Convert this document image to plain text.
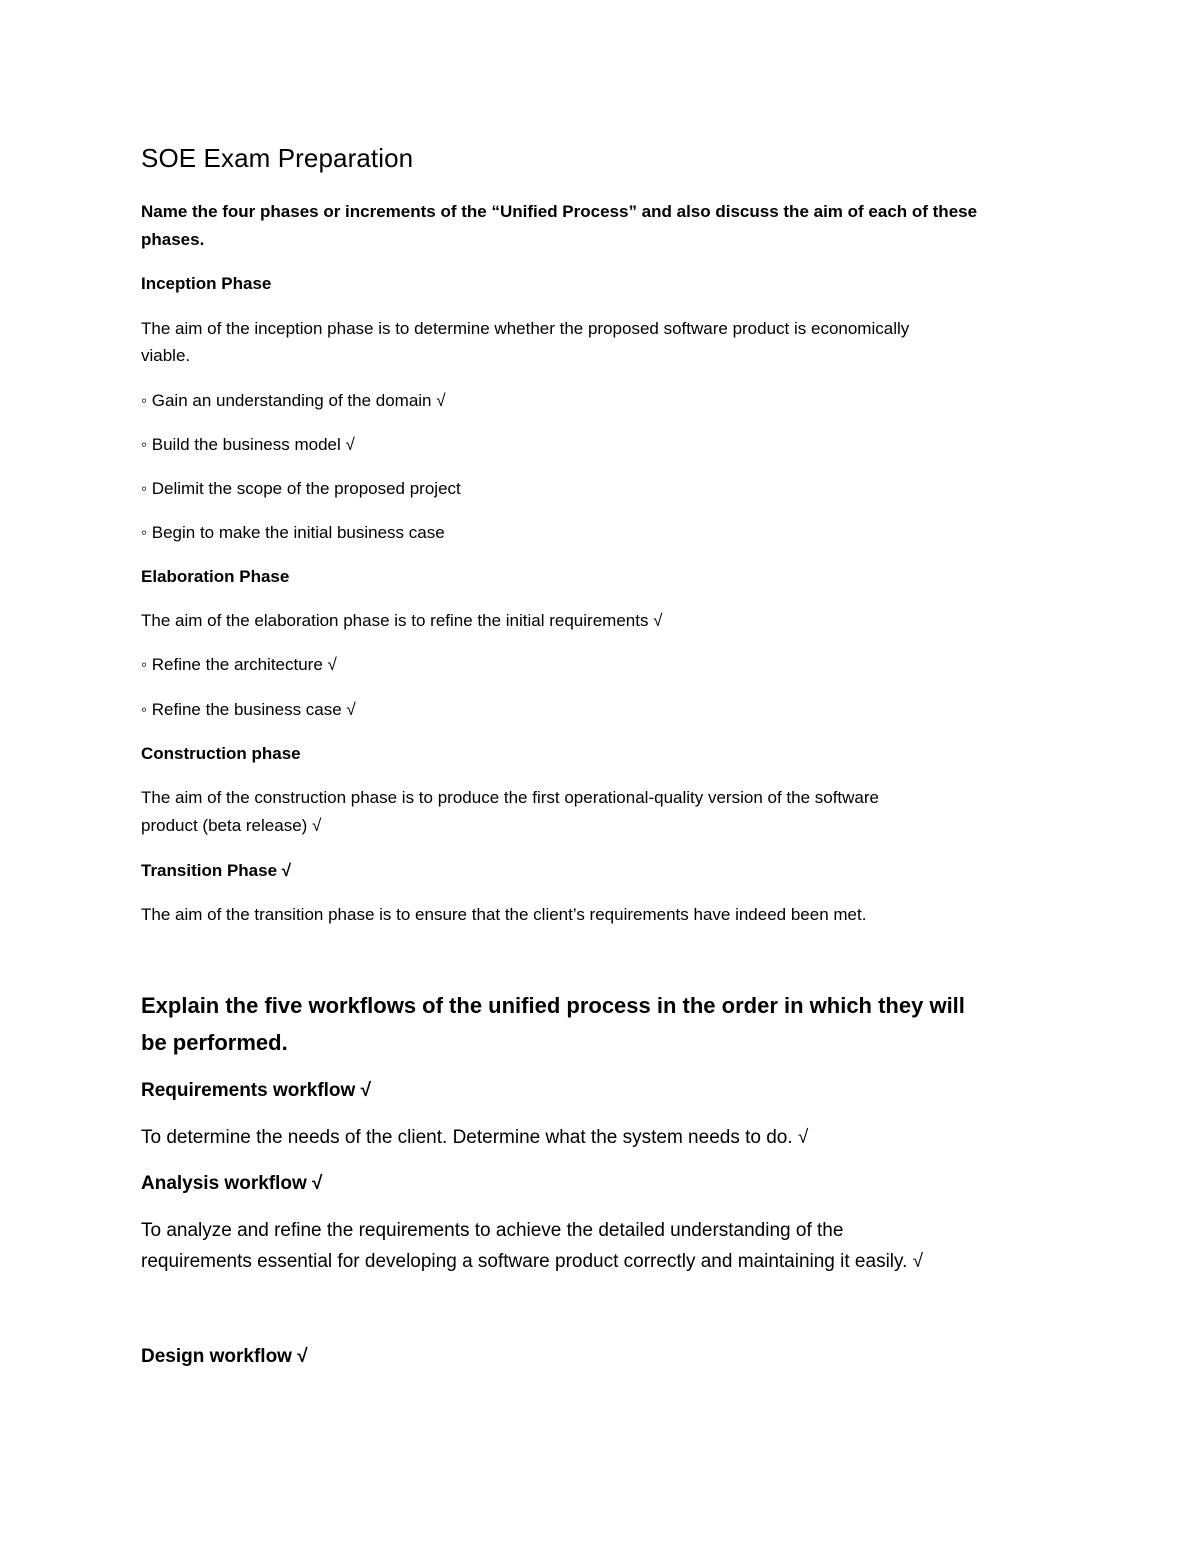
SOE Exam Preparation

Name the four phases or increments of the “Unified Process” and also discuss the aim of each of these

phases.

Inception Phase

The aim of the inception phase is to determine whether the proposed software product is economically

viable.

◦ Gain an understanding of the domain √

◦ Build the business model √

◦ Delimit the scope of the proposed project

◦ Begin to make the initial business case

Elaboration Phase

The aim of the elaboration phase is to refine the initial requirements √

◦ Refine the architecture √

◦ Refine the business case √

Construction phase

The aim of the construction phase is to produce the first operational-quality version of the software

product (beta release) √

Transition Phase √

The aim of the transition phase is to ensure that the client’s requirements have indeed been met.

Explain the five workflows of the unified process in the order in which they will
be performed.

Requirements workflow √

To determine the needs of the client. Determine what the system needs to do. √

Analysis workflow √

To analyze and refine the requirements to achieve the detailed understanding of the

requirements essential for developing a software product correctly and maintaining it easily. √

Design workflow √
